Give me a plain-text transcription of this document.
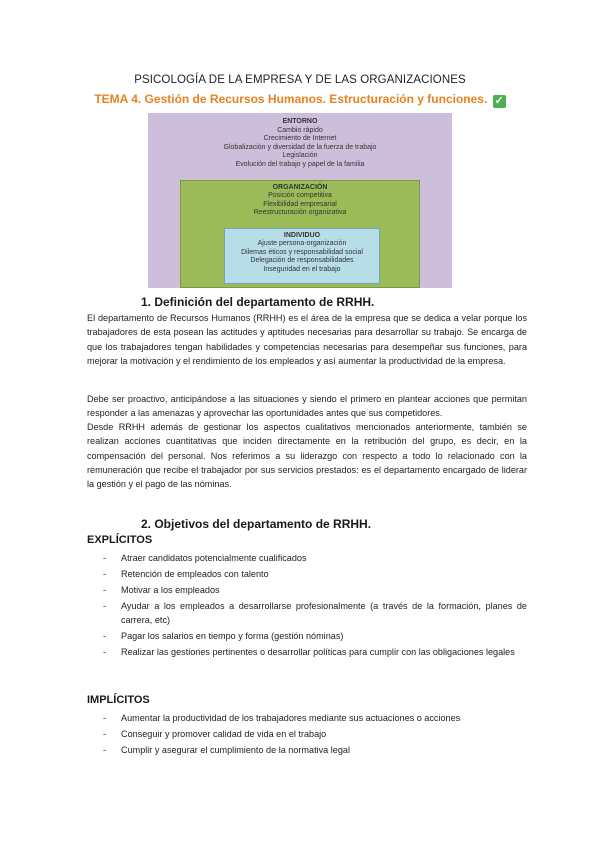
PSICOLOGÍA DE LA EMPRESA Y DE LAS ORGANIZACIONES
TEMA 4. Gestión de Recursos Humanos. Estructuración y funciones. ✓
ENTORNO
Cambio rápido
Crecimiento de Internet
Globalización y diversidad de la fuerza de trabajo
Legislación
Evolución del trabajo y papel de la familia
ORGANIZACIÓN
Posición competitiva
Flexibilidad empresarial
Reestructuración organizativa
INDIVIDUO
Ajuste persona-organización
Dilemas éticos y responsabilidad social
Delegación de responsabilidades
Inseguridad en el trabajo
1. Definición del departamento de RRHH.
El departamento de Recursos Humanos (RRHH) es el área de la empresa que se dedica a velar porque los trabajadores de esta posean las actitudes y aptitudes necesarias para desarrollar su trabajo. Se encarga de que los trabajadores tengan habilidades y competencias necesarias para desempeñar sus funciones, para mejorar la motivación y el rendimiento de los empleados y así aumentar la productividad de la empresa.
Debe ser proactivo, anticipándose a las situaciones y siendo el primero en plantear acciones que permitan responder a las amenazas y aprovechar las oportunidades antes que sus competidores.
Desde RRHH además de gestionar los aspectos cualitativos mencionados anteriormente, también se realizan acciones cuantitativas que inciden directamente en la retribución del grupo, es decir, en la compensación del personal. Nos referimos a su liderazgo con respecto a todo lo relacionado con la remuneración que recibe el trabajador por sus servicios prestados: es el departamento encargado de liderar la gestión y el pago de las nóminas.
2. Objetivos del departamento de RRHH.
EXPLÍCITOS
- Atraer candidatos potencialmente cualificados
- Retención de empleados con talento
- Motivar a los empleados
- Ayudar a los empleados a desarrollarse profesionalmente (a través de la formación, planes de carrera, etc)
- Pagar los salarios en tiempo y forma (gestión nóminas)
- Realizar las gestiones pertinentes o desarrollar políticas para cumplir con las obligaciones legales
IMPLÍCITOS
- Aumentar la productividad de los trabajadores mediante sus actuaciones o acciones
- Conseguir y promover calidad de vida en el trabajo
- Cumplir y asegurar el cumplimiento de la normativa legal
